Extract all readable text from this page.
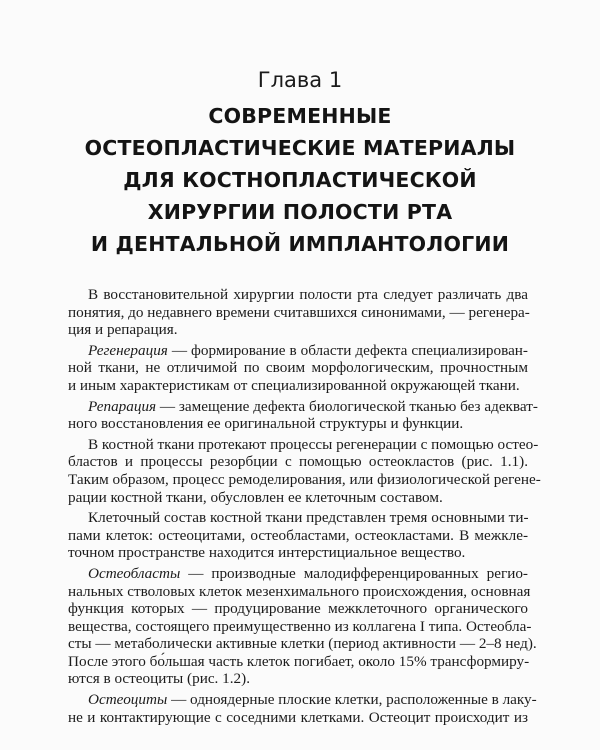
Глава 1
СОВРЕМЕННЫЕ
ОСТЕОПЛАСТИЧЕСКИЕ МАТЕРИАЛЫ
ДЛЯ КОСТНОПЛАСТИЧЕСКОЙ
ХИРУРГИИ ПОЛОСТИ РТА
И ДЕНТАЛЬНОЙ ИМПЛАНТОЛОГИИ
В восстановительной хирургии полости рта следует различать два
понятия, до недавнего времени считавшихся синонимами, — регенера-
ция и репарация.
Регенерация — формирование в области дефекта специализирован-
ной ткани, не отличимой по своим морфологическим, прочностным
и иным характеристикам от специализированной окружающей ткани.
Репарация — замещение дефекта биологической тканью без адекват-
ного восстановления ее оригинальной структуры и функции.
В костной ткани протекают процессы регенерации с помощью остео-
бластов и процессы резорбции с помощью остеокластов (рис. 1.1).
Таким образом, процесс ремоделирования, или физиологической регене-
рации костной ткани, обусловлен ее клеточным составом.
Клеточный состав костной ткани представлен тремя основными ти-
пами клеток: остеоцитами, остеобластами, остеокластами. В межкле-
точном пространстве находится интерстициальное вещество.
Остеобласты — производные малодифференцированных регио-
нальных стволовых клеток мезенхимального происхождения, основная
функция которых — продуцирование межклеточного органического
вещества, состоящего преимущественно из коллагена I типа. Остеобла-
сты — метаболически активные клетки (период активности — 2–8 нед).
После этого бо́льшая часть клеток погибает, около 15% трансформиру-
ются в остеоциты (рис. 1.2).
Остеоциты — одноядерные плоские клетки, расположенные в лаку-
не и контактирующие с соседними клетками. Остеоцит происходит из
